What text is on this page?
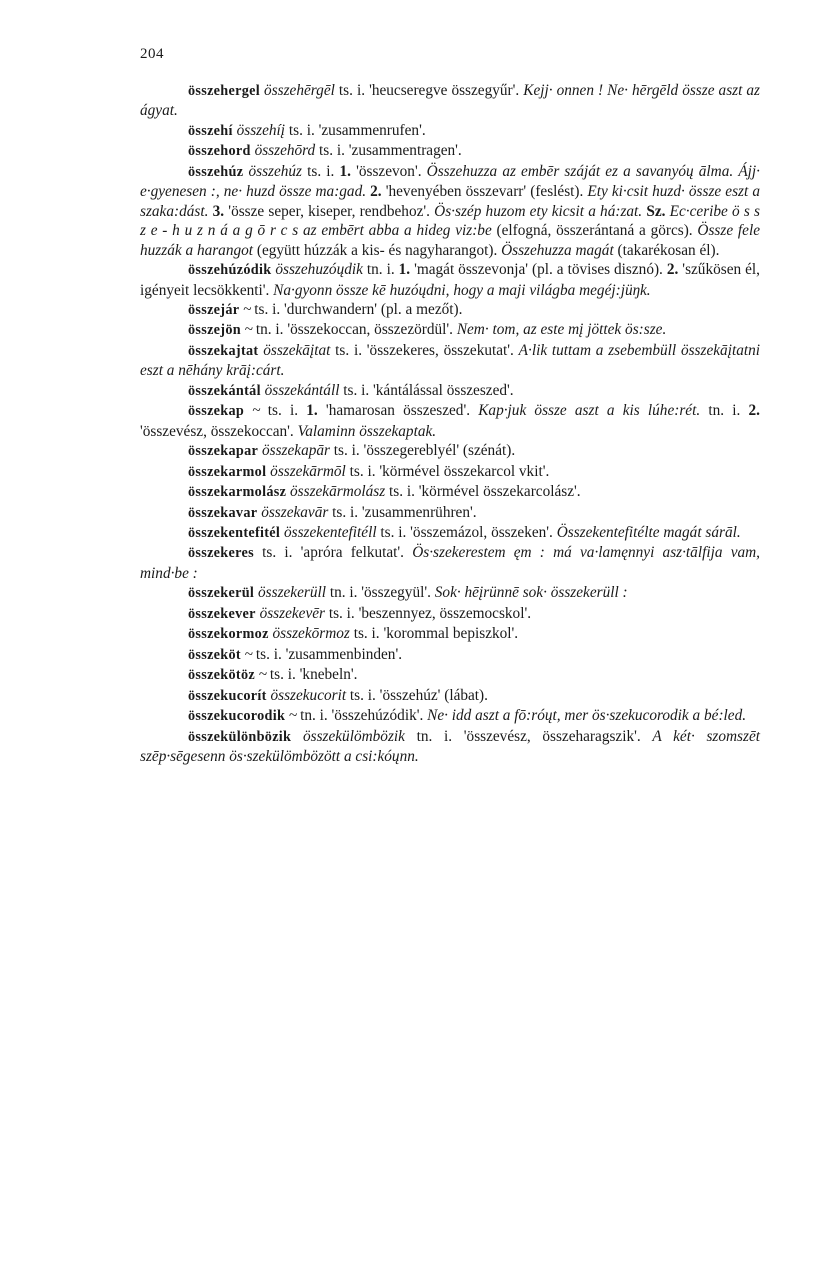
204

összehergel összehērgēl ts. i. 'heucseregve összegyűr'. Kejj· onnen ! Ne· hērgēld össze aszt az ágyat.

összehí összehíį ts. i. 'zusammenrufen'.

összehord összehōrd ts. i. 'zusammentragen'.

összehúz összehúz ts. i. 1. 'összevon'. Összehuzza az embēr száját ez a savanyóų ālma. Ájj· e·gyenesen :, ne· huzd össze ma:gad. 2. 'hevenyében összevarr' (feslést). Ety ki·csit huzd· össze eszt a szaka:dást. 3. 'össze seper, kiseper, rendbehoz'. Ös·szép huzom ety kicsit a há:zat. Sz. Ec·ceribe ö s s z e - h u z n á a g ō r c s az embērt abba a hideg viz:be (elfogná, összerántaná a görcs). Össze fele huzzák a harangot (együtt húzzák a kis- és nagyharangot). Összehuzza magát (takarékosan él).

összehúzódik összehuzóųdik tn. i. 1. 'magát összevonja' (pl. a tövises disznó). 2. 'szűkösen él, igényeit lecsökkenti'. Na·gyonn össze kē huzóųdni, hogy a maji világba megéj:jüŋk.

összejár ~ ts. i. 'durchwandern' (pl. a mezőt).

összejön ~ tn. i. 'összekoccan, összezördül'. Nem· tom, az este mį jöttek ös:sze.

összekajtat összekāįtat ts. i. 'összekeres, összekutat'. A·lik tuttam a zsebembüll összekāįtatni eszt a nēhány krāį:cárt.

összekántál összekántáll ts. i. 'kántálással összeszed'.

összekap ~ ts. i. 1. 'hamarosan összeszed'. Kap·juk össze aszt a kis lúhe:rét. tn. i. 2. 'összevész, összekoccan'. Valaminn összekaptak.

összekapar összekapār ts. i. 'összegereblyél' (szénát).

összekarmol összekārmōl ts. i. 'körmével összekarcol vkit'.

összekarmolász összekārmolász ts. i. 'körmével összekarcolász'.

összekavar összekavār ts. i. 'zusammenrühren'.

összekentefitél összekentefitéll ts. i. 'összemázol, összeken'. Összekentefitélte magát sárāl.

összekeres ts. i. 'apróra felkutat'. Ös·szekerestem ęm : má va·lamęnnyi asz·tālfija vam, mind·be :

összekerül összekerüll tn. i. 'összegyül'. Sok· hēįrünnē sok· összekerüll :

összekever összekevēr ts. i. 'beszennyez, összemocskol'.

összekormoz összekōrmoz ts. i. 'korommal bepiszkol'.

összeköt ~ ts. i. 'zusammenbinden'.

összekötöz ~ ts. i. 'knebeln'.

összekucorít összekucorit ts. i. 'összehúz' (lábat).

összekucorodik ~ tn. i. 'összehúzódik'. Ne· idd aszt a fō:róųt, mer ös·szekucorodik a bé:led.

összekülönbözik összekülömbözik tn. i. 'összevész, összeharagszik'. A két· szomszēt szēp·sēgesenn ös·szekülömbözött a csi:kóųnn.
